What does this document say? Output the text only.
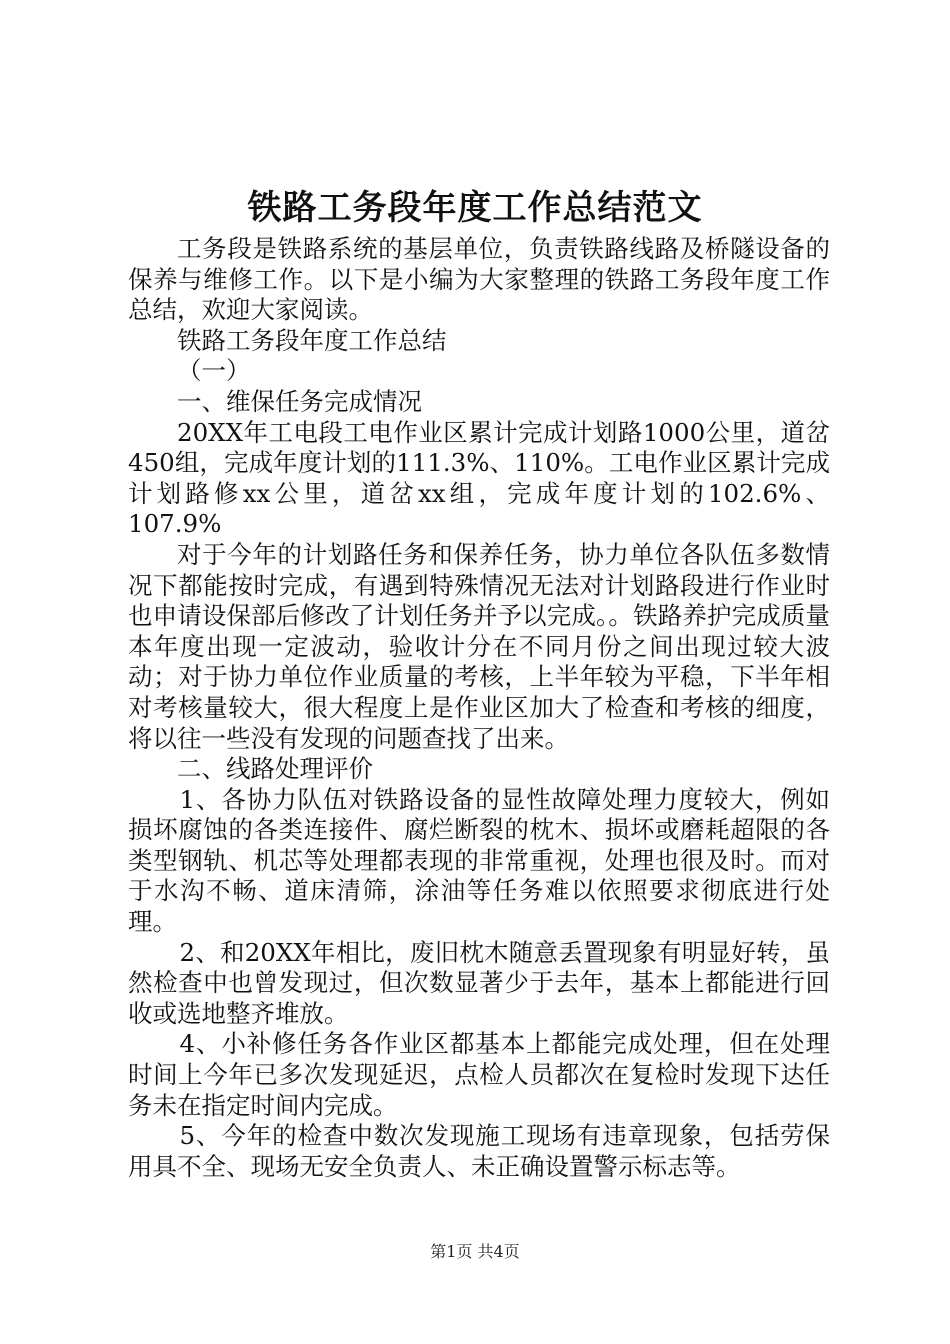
铁路工务段年度工作总结范文

工务段是铁路系统的基层单位，负责铁路线路及桥隧设备的保养与维修工作。以下是小编为大家整理的铁路工务段年度工作总结，欢迎大家阅读。

铁路工务段年度工作总结

（一）

一、维保任务完成情况

20XX年工电段工电作业区累计完成计划路1000公里，道岔450组，完成年度计划的111.3%、110%。工电作业区累计完成计划路修xx公里，道岔xx组，完成年度计划的102.6%、107.9%

对于今年的计划路任务和保养任务，协力单位各队伍多数情况下都能按时完成，有遇到特殊情况无法对计划路段进行作业时也申请设保部后修改了计划任务并予以完成。。铁路养护完成质量本年度出现一定波动，验收计分在不同月份之间出现过较大波动；对于协力单位作业质量的考核，上半年较为平稳，下半年相对考核量较大，很大程度上是作业区加大了检查和考核的细度，将以往一些没有发现的问题查找了出来。

二、线路处理评价

1、各协力队伍对铁路设备的显性故障处理力度较大，例如损坏腐蚀的各类连接件、腐烂断裂的枕木、损坏或磨耗超限的各类型钢轨、机芯等处理都表现的非常重视，处理也很及时。而对于水沟不畅、道床清筛，涂油等任务难以依照要求彻底进行处理。

2、和20XX年相比，废旧枕木随意丢置现象有明显好转，虽然检查中也曾发现过，但次数显著少于去年，基本上都能进行回收或选地整齐堆放。

4、小补修任务各作业区都基本上都能完成处理，但在处理时间上今年已多次发现延迟，点检人员都次在复检时发现下达任务未在指定时间内完成。

5、今年的检查中数次发现施工现场有违章现象，包括劳保用具不全、现场无安全负责人、未正确设置警示标志等。

第1页 共4页
